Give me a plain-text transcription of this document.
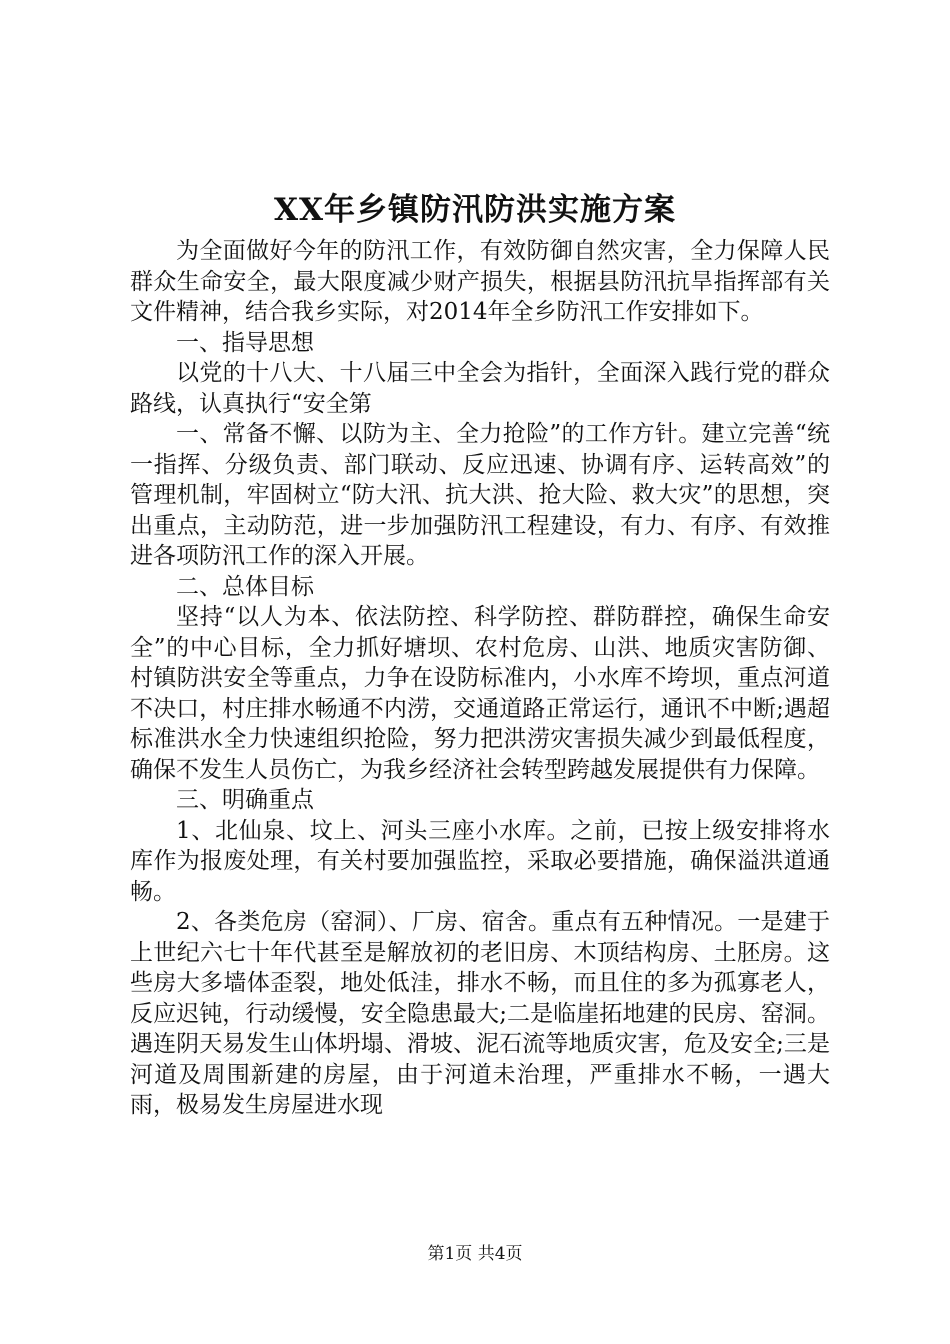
XX年乡镇防汛防洪实施方案

为全面做好今年的防汛工作，有效防御自然灾害，全力保障人民群众生命安全，最大限度减少财产损失，根据县防汛抗旱指挥部有关文件精神，结合我乡实际，对2014年全乡防汛工作安排如下。

一、指导思想

以党的十八大、十八届三中全会为指针，全面深入践行党的群众路线，认真执行“安全第

一、常备不懈、以防为主、全力抢险”的工作方针。建立完善“统一指挥、分级负责、部门联动、反应迅速、协调有序、运转高效”的管理机制，牢固树立“防大汛、抗大洪、抢大险、救大灾”的思想，突出重点，主动防范，进一步加强防汛工程建设，有力、有序、有效推进各项防汛工作的深入开展。

二、总体目标

坚持“以人为本、依法防控、科学防控、群防群控，确保生命安全”的中心目标，全力抓好塘坝、农村危房、山洪、地质灾害防御、村镇防洪安全等重点，力争在设防标准内，小水库不垮坝，重点河道不决口，村庄排水畅通不内涝，交通道路正常运行，通讯不中断;遇超标准洪水全力快速组织抢险，努力把洪涝灾害损失减少到最低程度，确保不发生人员伤亡，为我乡经济社会转型跨越发展提供有力保障。

三、明确重点

1、北仙泉、坟上、河头三座小水库。之前，已按上级安排将水库作为报废处理，有关村要加强监控，采取必要措施，确保溢洪道通畅。

2、各类危房（窑洞）、厂房、宿舍。重点有五种情况。一是建于上世纪六七十年代甚至是解放初的老旧房、木顶结构房、土胚房。这些房大多墙体歪裂，地处低洼，排水不畅，而且住的多为孤寡老人，反应迟钝，行动缓慢，安全隐患最大;二是临崖拓地建的民房、窑洞。遇连阴天易发生山体坍塌、滑坡、泥石流等地质灾害，危及安全;三是河道及周围新建的房屋，由于河道未治理，严重排水不畅，一遇大雨，极易发生房屋进水现

第1页 共4页
